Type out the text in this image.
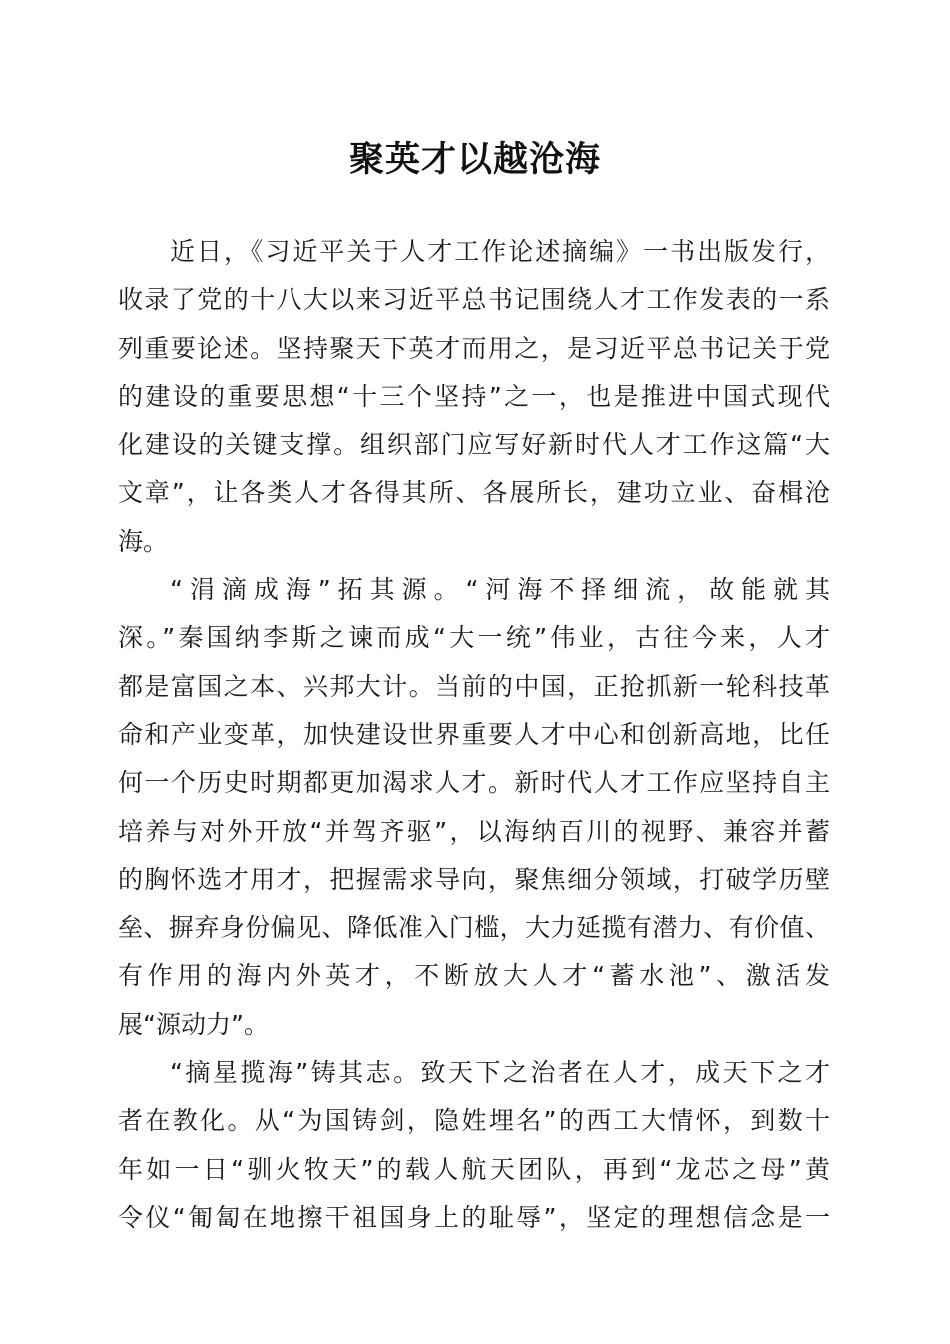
聚英才以越沧海
近日，《习近平关于人才工作论述摘编》一书出版发行，
收录了党的十八大以来习近平总书记围绕人才工作发表的一系
列重要论述。坚持聚天下英才而用之，是习近平总书记关于党
的建设的重要思想“十三个坚持”之一，也是推进中国式现代
化建设的关键支撑。组织部门应写好新时代人才工作这篇“大
文章”，让各类人才各得其所、各展所长，建功立业、奋楫沧
海。
“涓滴成海”拓其源。“河海不择细流，故能就其
深。”秦国纳李斯之谏而成“大一统”伟业，古往今来，人才
都是富国之本、兴邦大计。当前的中国，正抢抓新一轮科技革
命和产业变革，加快建设世界重要人才中心和创新高地，比任
何一个历史时期都更加渴求人才。新时代人才工作应坚持自主
培养与对外开放“并驾齐驱”，以海纳百川的视野、兼容并蓄
的胸怀选才用才，把握需求导向，聚焦细分领域，打破学历壁
垒、摒弃身份偏见、降低准入门槛，大力延揽有潜力、有价值、
有作用的海内外英才，不断放大人才“蓄水池”、激活发
展“源动力”。
“摘星揽海”铸其志。致天下之治者在人才，成天下之才
者在教化。从“为国铸剑，隐姓埋名”的西工大情怀，到数十
年如一日“驯火牧天”的载人航天团队，再到“龙芯之母”黄
令仪“匍匐在地擦干祖国身上的耻辱”，坚定的理想信念是一
